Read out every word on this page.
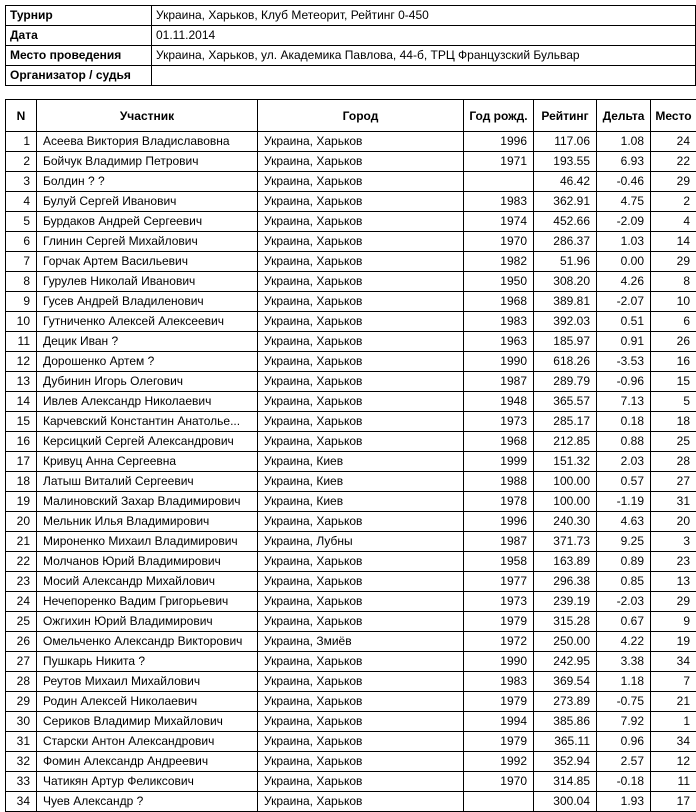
Турнир	Украина, Харьков, Клуб Метеорит, Рейтинг 0-450
Дата	01.11.2014
Место проведения	Украина, Харьков, ул. Академика Павлова, 44-б, ТРЦ Французский Бульвар
Организатор / судья	
N	Участник	Город	Год рожд.	Рейтинг	Дельта	Место
1	Асеева Виктория Владиславовна	Украина, Харьков	1996	117.06	1.08	24
2	Бойчук Владимир Петрович	Украина, Харьков	1971	193.55	6.93	22
3	Болдин ? ?	Украина, Харьков		46.42	-0.46	29
4	Булуй Сергей Иванович	Украина, Харьков	1983	362.91	4.75	2
5	Бурдаков Андрей Сергеевич	Украина, Харьков	1974	452.66	-2.09	4
6	Глинин Сергей Михайлович	Украина, Харьков	1970	286.37	1.03	14
7	Горчак Артем Васильевич	Украина, Харьков	1982	51.96	0.00	29
8	Гурулев Николай Иванович	Украина, Харьков	1950	308.20	4.26	8
9	Гусев Андрей Владиленович	Украина, Харьков	1968	389.81	-2.07	10
10	Гутниченко Алексей Алексеевич	Украина, Харьков	1983	392.03	0.51	6
11	Децик Иван ?	Украина, Харьков	1963	185.97	0.91	26
12	Дорошенко Артем ?	Украина, Харьков	1990	618.26	-3.53	16
13	Дубинин Игорь Олегович	Украина, Харьков	1987	289.79	-0.96	15
14	Ивлев Александр Николаевич	Украина, Харьков	1948	365.57	7.13	5
15	Карчевский Константин Анатолье...	Украина, Харьков	1973	285.17	0.18	18
16	Керсицкий Сергей Александрович	Украина, Харьков	1968	212.85	0.88	25
17	Кривуц Анна Сергеевна	Украина, Киев	1999	151.32	2.03	28
18	Латыш Виталий Сергеевич	Украина, Киев	1988	100.00	0.57	27
19	Малиновский Захар Владимирович	Украина, Киев	1978	100.00	-1.19	31
20	Мельник Илья Владимирович	Украина, Харьков	1996	240.30	4.63	20
21	Мироненко Михаил Владимирович	Украина, Лубны	1987	371.73	9.25	3
22	Молчанов Юрий Владимирович	Украина, Харьков	1958	163.89	0.89	23
23	Мосий Александр Михайлович	Украина, Харьков	1977	296.38	0.85	13
24	Нечепоренко Вадим Григорьевич	Украина, Харьков	1973	239.19	-2.03	29
25	Ожгихин Юрий Владимирович	Украина, Харьков	1979	315.28	0.67	9
26	Омельченко Александр Викторович	Украина, Змиёв	1972	250.00	4.22	19
27	Пушкарь Никита ?	Украина, Харьков	1990	242.95	3.38	34
28	Реутов Михаил Михайлович	Украина, Харьков	1983	369.54	1.18	7
29	Родин Алексей Николаевич	Украина, Харьков	1979	273.89	-0.75	21
30	Сериков Владимир Михайлович	Украина, Харьков	1994	385.86	7.92	1
31	Старски Антон Александрович	Украина, Харьков	1979	365.11	0.96	34
32	Фомин Александр Андреевич	Украина, Харьков	1992	352.94	2.57	12
33	Чатикян Артур Феликсович	Украина, Харьков	1970	314.85	-0.18	11
34	Чуев Александр ?	Украина, Харьков		300.04	1.93	17
